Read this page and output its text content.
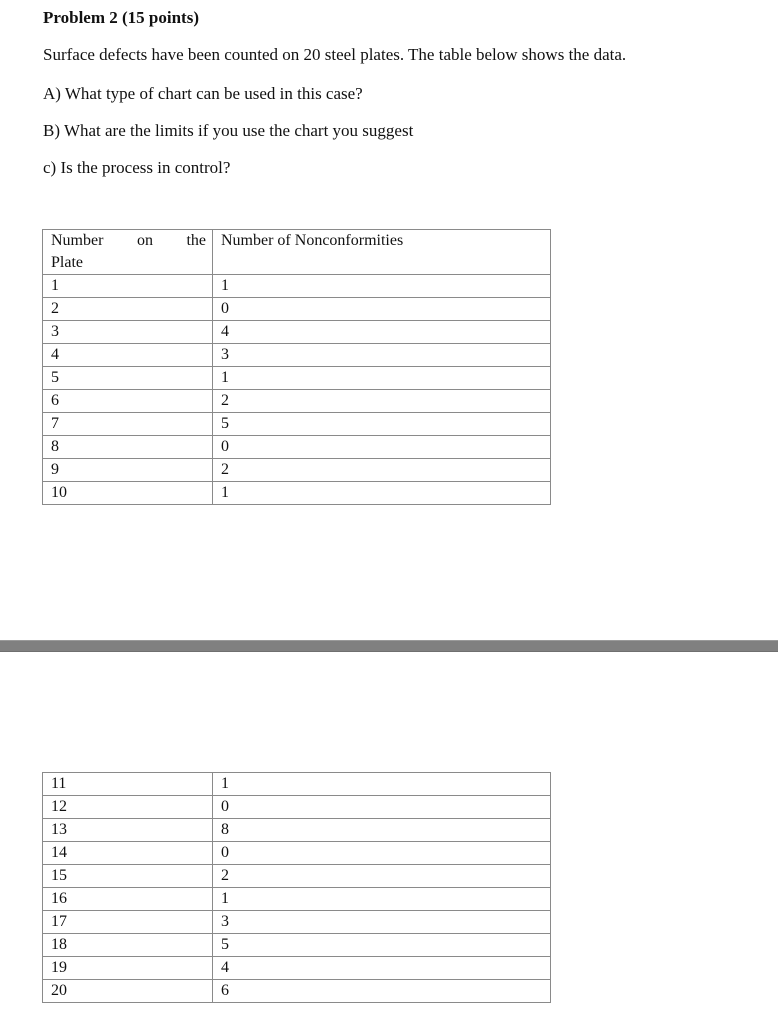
Problem 2 (15 points)

Surface defects have been counted on 20 steel plates. The table below shows the data.

A) What type of chart can be used in this case?

B) What are the limits if you use the chart you suggest

c) Is the process in control?

Number on the
Plate	Number of Nonconformities
1	1
2	0
3	4
4	3
5	1
6	2
7	5
8	0
9	2
10	1
11	1
12	0
13	8
14	0
15	2
16	1
17	3
18	5
19	4
20	6
